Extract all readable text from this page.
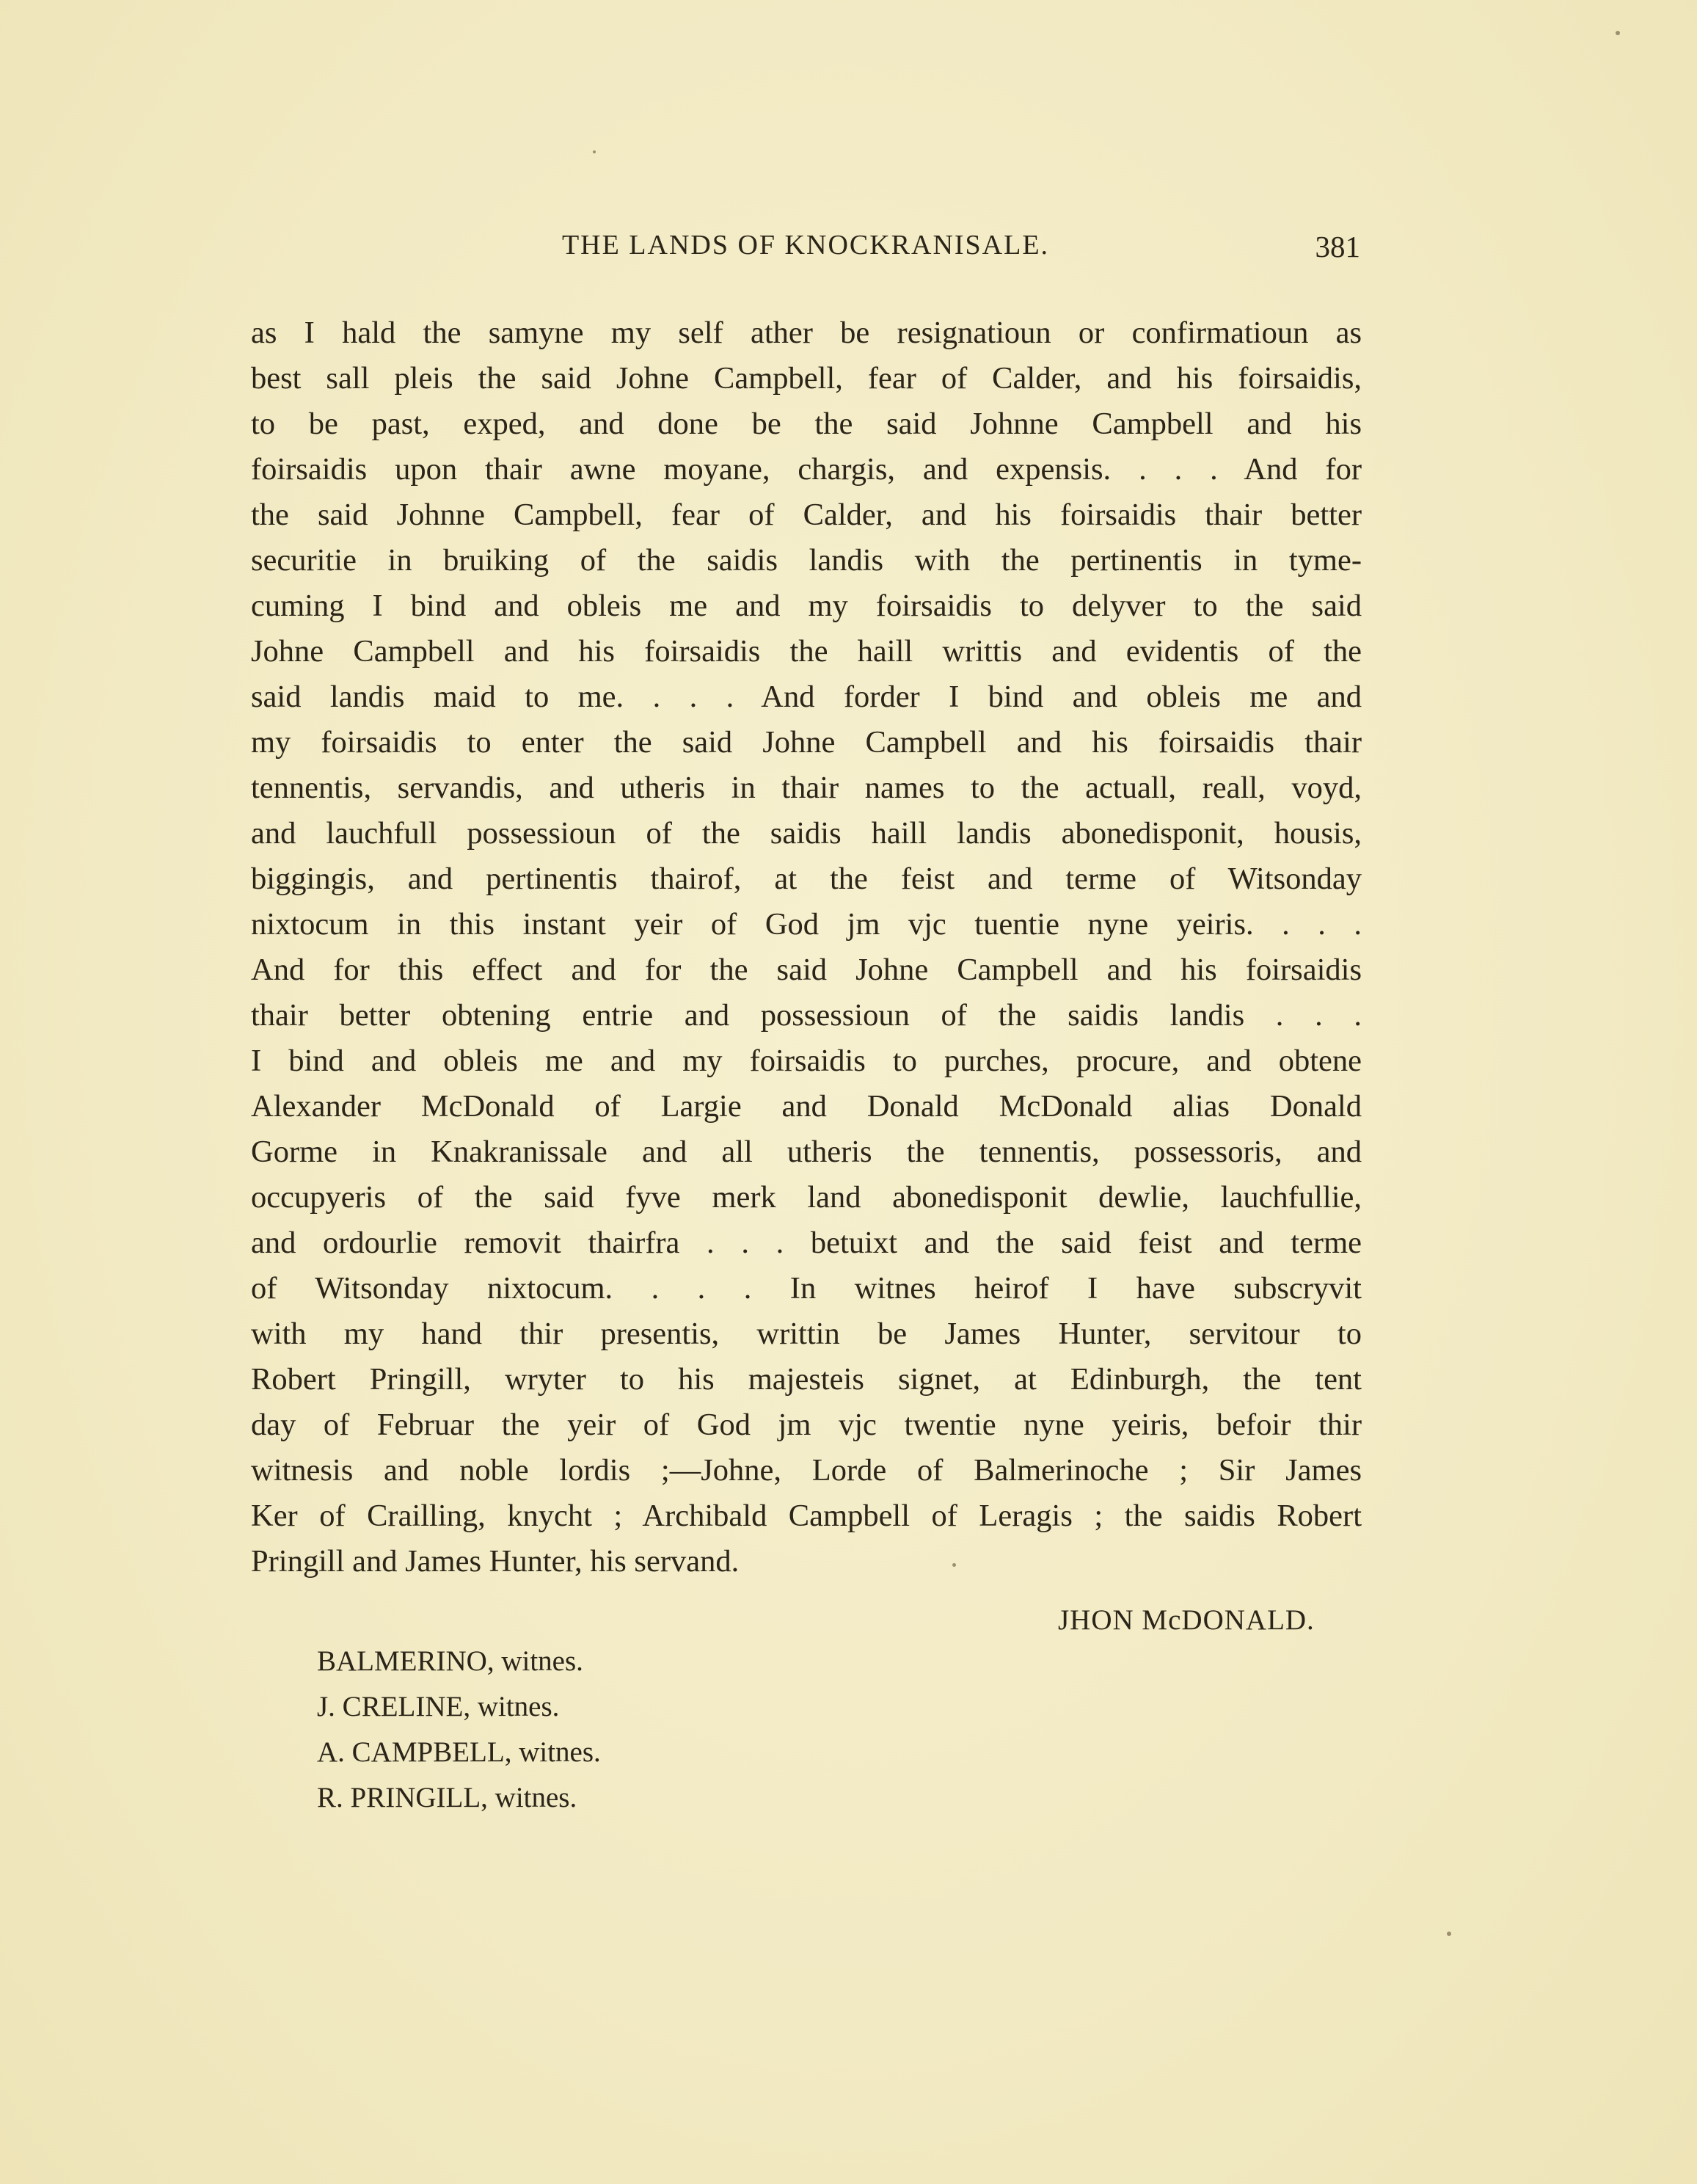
THE LANDS OF KNOCKRANISALE.	381
as I hald the samyne my self ather be resignatioun or confirmatioun as
best sall pleis the said Johne Campbell, fear of Calder, and his foirsaidis,
to be past, exped, and done be the said Johnne Campbell and his
foirsaidis upon thair awne moyane, chargis, and expensis. . . . And for
the said Johnne Campbell, fear of Calder, and his foirsaidis thair better
securitie in bruiking of the saidis landis with the pertinentis in tyme-
cuming I bind and obleis me and my foirsaidis to delyver to the said
Johne Campbell and his foirsaidis the haill writtis and evidentis of the
said landis maid to me. . . . And forder I bind and obleis me and
my foirsaidis to enter the said Johne Campbell and his foirsaidis thair
tennentis, servandis, and utheris in thair names to the actuall, reall, voyd,
and lauchfull possessioun of the saidis haill landis abonedisponit, housis,
biggingis, and pertinentis thairof, at the feist and terme of Witsonday
nixtocum in this instant yeir of God jm vjc tuentie nyne yeiris. . . .
And for this effect and for the said Johne Campbell and his foirsaidis
thair better obtening entrie and possessioun of the saidis landis . . .
I bind and obleis me and my foirsaidis to purches, procure, and obtene
Alexander McDonald of Largie and Donald McDonald alias Donald
Gorme in Knakranissale and all utheris the tennentis, possessoris, and
occupyeris of the said fyve merk land abonedisponit dewlie, lauchfullie,
and ordourlie removit thairfra . . . betuixt and the said feist and terme
of Witsonday nixtocum. . . . In witnes heirof I have subscryvit
with my hand thir presentis, writtin be James Hunter, servitour to
Robert Pringill, wryter to his majesteis signet, at Edinburgh, the tent
day of Februar the yeir of God jm vjc twentie nyne yeiris, befoir thir
witnesis and noble lordis ;—Johne, Lorde of Balmerinoche ; Sir James
Ker of Crailling, knycht ; Archibald Campbell of Leragis ; the saidis Robert
Pringill and James Hunter, his servand.
JHON McDONALD.
BALMERINO, witnes.
J. CRELINE, witnes.
A. CAMPBELL, witnes.
R. PRINGILL, witnes.
